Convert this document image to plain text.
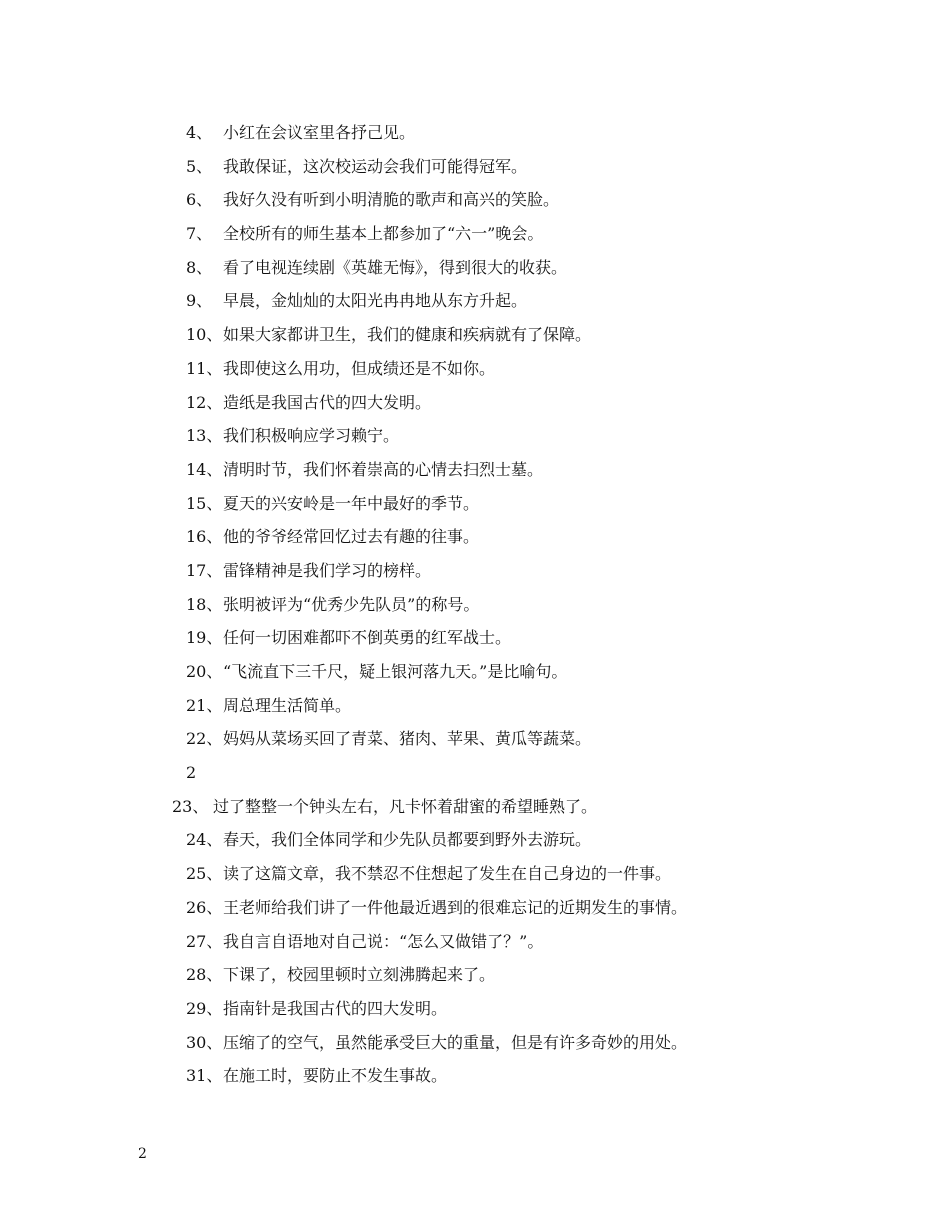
4、 小红在会议室里各抒己见。
5、 我敢保证，这次校运动会我们可能得冠军。
6、 我好久没有听到小明清脆的歌声和高兴的笑脸。
7、 全校所有的师生基本上都参加了“六一”晚会。
8、 看了电视连续剧《英雄无悔》，得到很大的收获。
9、 早晨，金灿灿的太阳光冉冉地从东方升起。
10、 如果大家都讲卫生，我们的健康和疾病就有了保障。
11、 我即使这么用功，但成绩还是不如你。
12、 造纸是我国古代的四大发明。
13、 我们积极响应学习赖宁。
14、 清明时节，我们怀着崇高的心情去扫烈士墓。
15、 夏天的兴安岭是一年中最好的季节。
16、 他的爷爷经常回忆过去有趣的往事。
17、 雷锋精神是我们学习的榜样。
18、 张明被评为“优秀少先队员”的称号。
19、 任何一切困难都吓不倒英勇的红军战士。
20、 “飞流直下三千尺，疑上银河落九天。”是比喻句。
21、 周总理生活简单。
22、 妈妈从菜场买回了青菜、猪肉、苹果、黄瓜等蔬菜。
2
23、 过了整整一个钟头左右，凡卡怀着甜蜜的希望睡熟了。
24、 春天，我们全体同学和少先队员都要到野外去游玩。
25、 读了这篇文章，我不禁忍不住想起了发生在自己身边的一件事。
26、 王老师给我们讲了一件他最近遇到的很难忘记的近期发生的事情。
27、 我自言自语地对自己说：“怎么又做错了？”。
28、 下课了，校园里顿时立刻沸腾起来了。
29、 指南针是我国古代的四大发明。
30、 压缩了的空气，虽然能承受巨大的重量，但是有许多奇妙的用处。
31、 在施工时，要防止不发生事故。
2
